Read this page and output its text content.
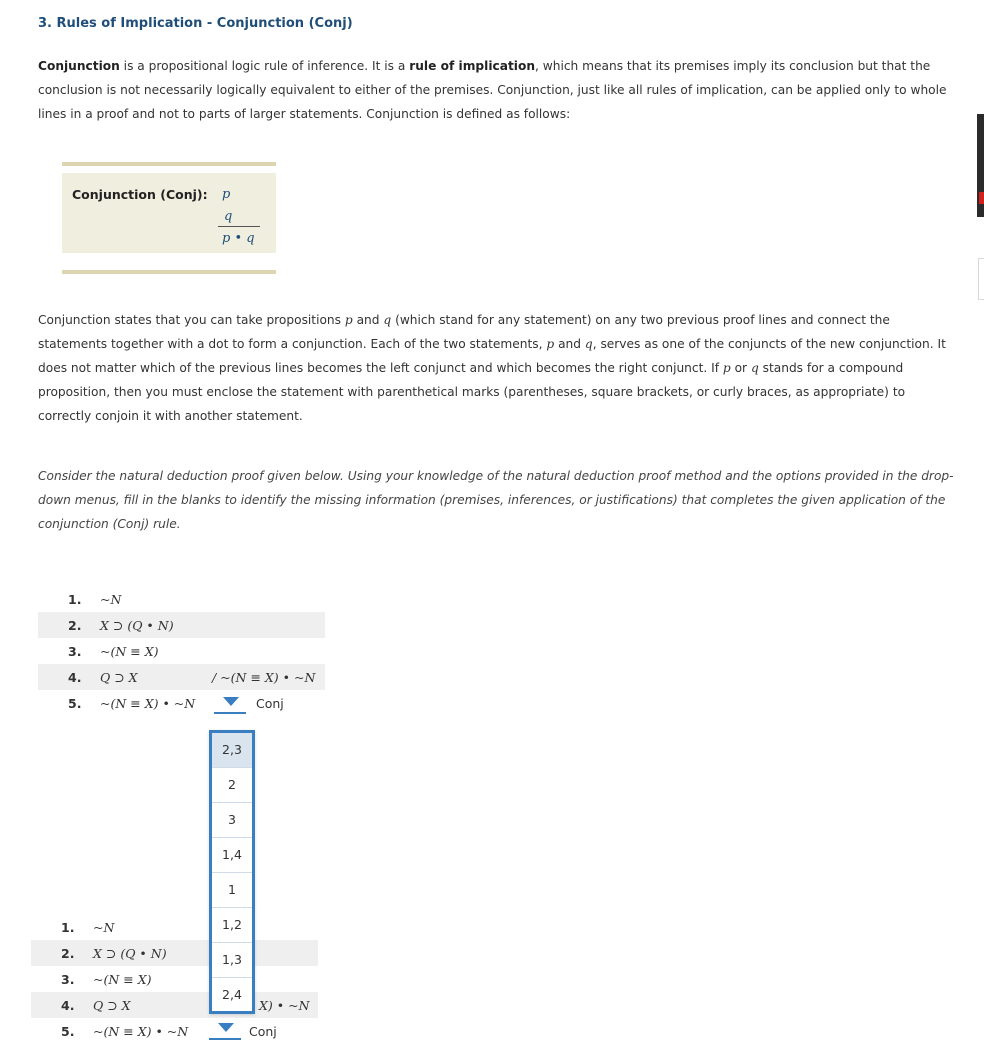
3. Rules of Implication - Conjunction (Conj)
Conjunction is a propositional logic rule of inference. It is a rule of implication, which means that its premises imply its conclusion but that the conclusion is not necessarily logically equivalent to either of the premises. Conjunction, just like all rules of implication, can be applied only to whole lines in a proof and not to parts of larger statements. Conjunction is defined as follows:
Conjunction (Conj): p
q
p • q
Conjunction states that you can take propositions p and q (which stand for any statement) on any two previous proof lines and connect the statements together with a dot to form a conjunction. Each of the two statements, p and q, serves as one of the conjuncts of the new conjunction. It does not matter which of the previous lines becomes the left conjunct and which becomes the right conjunct. If p or q stands for a compound proposition, then you must enclose the statement with parenthetical marks (parentheses, square brackets, or curly braces, as appropriate) to correctly conjoin it with another statement.
Consider the natural deduction proof given below. Using your knowledge of the natural deduction proof method and the options provided in the drop-down menus, fill in the blanks to identify the missing information (premises, inferences, or justifications) that completes the given application of the conjunction (Conj) rule.
1. ~N
2. X ⊃ (Q • N)
3. ~(N ≡ X)
4. Q ⊃ X	/ ~(N ≡ X) • ~N
5. ~(N ≡ X) • ~N	Conj
1. ~N
2. X ⊃ (Q • N)
3. ~(N ≡ X)
4. Q ⊃ X	X) • ~N
5. ~(N ≡ X) • ~N	Conj
2,3
2
3
1,4
1
1,2
1,3
2,4
